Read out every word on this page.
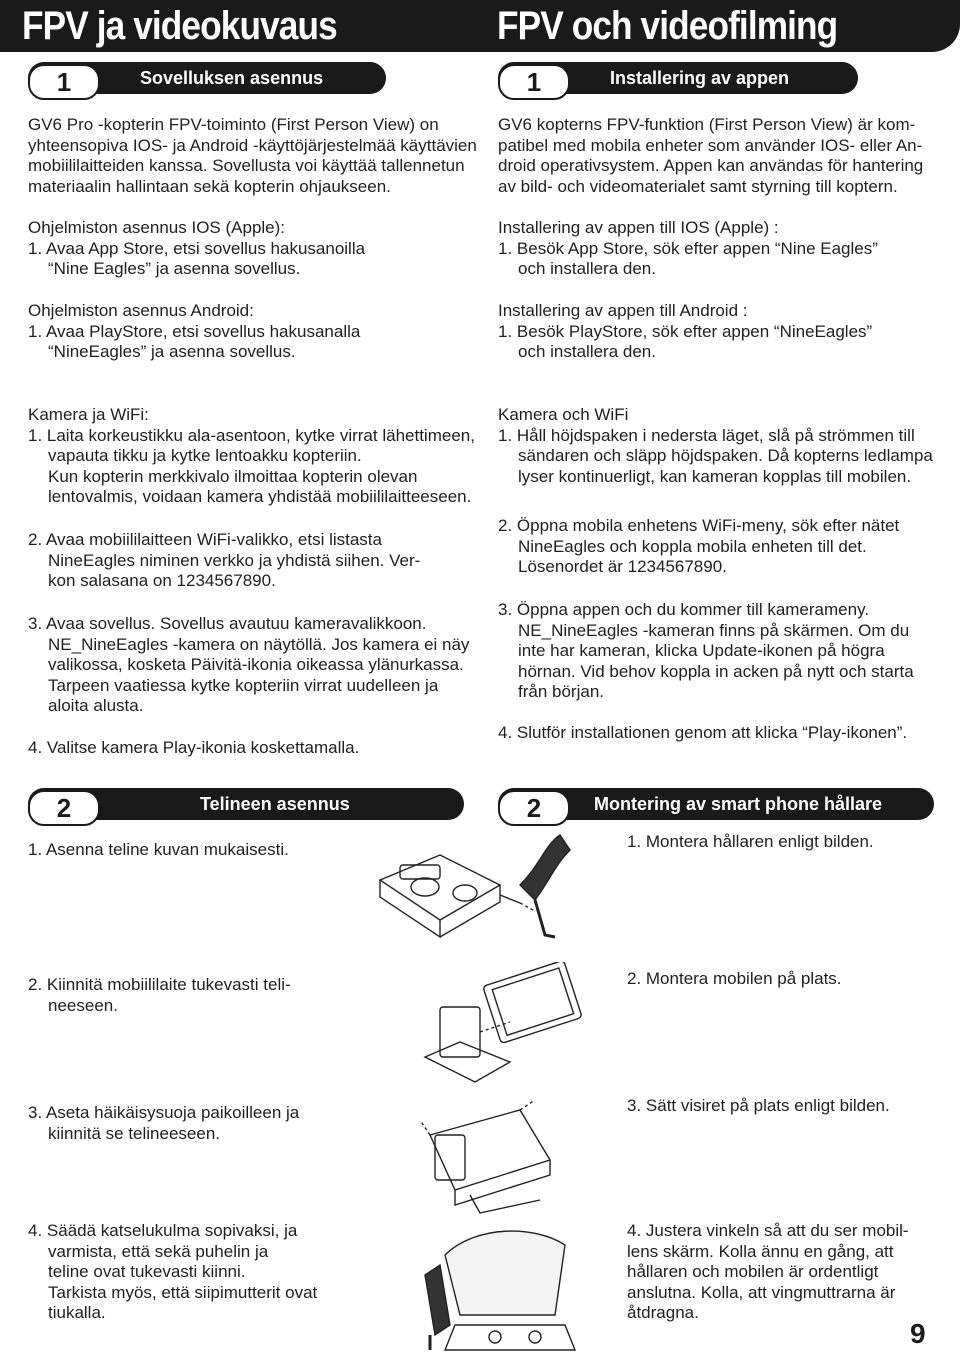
FPV ja videokuvaus	FPV och videofilming
1	Sovelluksen asennus	1	Installering av appen
GV6 Pro -kopterin FPV-toiminto (First Person View) on
yhteensopiva IOS- ja Android -käyttöjärjestelmää käyttävien
mobiililaitteiden kanssa. Sovellusta voi käyttää tallennetun
materiaalin hallintaan sekä kopterin ohjaukseen.
Ohjelmiston asennus IOS (Apple):
1. Avaa App Store, etsi sovellus hakusanoilla
“Nine Eagles” ja asenna sovellus.
Ohjelmiston asennus Android:
1. Avaa PlayStore, etsi sovellus hakusanalla
“NineEagles” ja asenna sovellus.
Kamera ja WiFi:
1. Laita korkeustikku ala-asentoon, kytke virrat lähettimeen,
vapauta tikku ja kytke lentoakku kopteriin.
Kun kopterin merkkivalo ilmoittaa kopterin olevan
lentovalmis, voidaan kamera yhdistää mobiililaitteeseen.
2. Avaa mobiililaitteen WiFi-valikko, etsi listasta
NineEagles niminen verkko ja yhdistä siihen. Ver-
kon salasana on 1234567890.
3. Avaa sovellus. Sovellus avautuu kameravalikkoon.
NE_NineEagles -kamera on näytöllä. Jos kamera ei näy
valikossa, kosketa Päivitä-ikonia oikeassa ylänurkassa.
Tarpeen vaatiessa kytke kopteriin virrat uudelleen ja
aloita alusta.
4. Valitse kamera Play-ikonia koskettamalla.
GV6 kopterns FPV-funktion (First Person View) är kom-
patibel med mobila enheter som använder IOS- eller An-
droid operativsystem. Appen kan användas för hantering
av bild- och videomaterialet samt styrning till koptern.
Installering av appen till IOS (Apple) :
1. Besök App Store, sök efter appen “Nine Eagles”
och installera den.
Installering av appen till Android :
1. Besök PlayStore, sök efter appen “NineEagles”
och installera den.
Kamera och WiFi
1. Håll höjdspaken i nedersta läget, slå på strömmen till
sändaren och släpp höjdspaken. Då kopterns ledlampa
lyser kontinuerligt, kan kameran kopplas till mobilen.
2. Öppna mobila enhetens WiFi-meny, sök efter nätet
NineEagles och koppla mobila enheten till det.
Lösenordet är 1234567890.
3. Öppna appen och du kommer till kamerameny.
NE_NineEagles -kameran finns på skärmen. Om du
inte har kameran, klicka Update-ikonen på högra
hörnan. Vid behov koppla in acken på nytt och starta
från början.
4. Slutför installationen genom att klicka “Play-ikonen”.
2	Telineen asennus	2	Montering av smart phone hållare
1. Asenna teline kuvan mukaisesti.
2. Kiinnitä mobiililaite tukevasti teli-
neeseen.
3. Aseta häikäisysuoja paikoilleen ja
kiinnitä se telineeseen.
4. Säädä katselukulma sopivaksi, ja
varmista, että sekä puhelin ja
teline ovat tukevasti kiinni.
Tarkista myös, että siipimutterit ovat
tiukalla.
1. Montera hållaren enligt bilden.
2. Montera mobilen på plats.
3. Sätt visiret på plats enligt bilden.
4. Justera vinkeln så att du ser mobil-
lens skärm. Kolla ännu en gång, att
hållaren och mobilen är ordentligt
anslutna. Kolla, att vingmuttrarna är
åtdragna.
9
